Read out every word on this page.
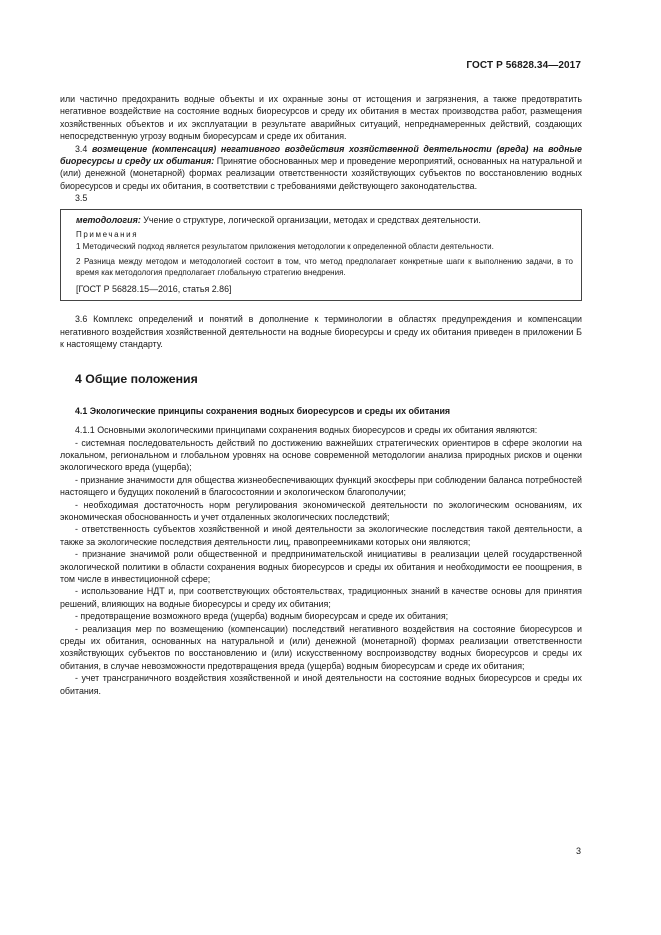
ГОСТ Р 56828.34—2017

или частично предохранить водные объекты и их охранные зоны от истощения и загрязнения, а также предотвратить негативное воздействие на состояние водных биоресурсов и среду их обитания в местах производства работ, размещения хозяйственных объектов и их эксплуатации в результате аварийных ситуаций, непреднамеренных действий, создающих непосредственную угрозу водным биоресурсам и среде их обитания.

3.4 возмещение (компенсация) негативного воздействия хозяйственной деятельности (вреда) на водные биоресурсы и среду их обитания: Принятие обоснованных мер и проведение мероприятий, основанных на натуральной и (или) денежной (монетарной) формах реализации ответственности хозяйствующих субъектов по восстановлению водных биоресурсов и среды их обитания, в соответствии с требованиями действующего законодательства.

3.5

методология: Учение о структуре, логической организации, методах и средствах деятельности.

Примечания

1 Методический подход является результатом приложения методологии к определенной области деятельности.

2 Разница между методом и методологией состоит в том, что метод предполагает конкретные шаги к выполнению задачи, в то время как методология предполагает глобальную стратегию внедрения.

[ГОСТ Р 56828.15—2016, статья 2.86]

3.6 Комплекс определений и понятий в дополнение к терминологии в областях предупреждения и компенсации негативного воздействия хозяйственной деятельности на водные биоресурсы и среду их обитания приведен в приложении Б к настоящему стандарту.

4 Общие положения
4.1 Экологические принципы сохранения водных биоресурсов и среды их обитания

4.1.1 Основными экологическими принципами сохранения водных биоресурсов и среды их обитания являются:

- системная последовательность действий по достижению важнейших стратегических ориентиров в сфере экологии на локальном, региональном и глобальном уровнях на основе современной методологии анализа природных рисков и оценки экологического вреда (ущерба);

- признание значимости для общества жизнеобеспечивающих функций экосферы при соблюдении баланса потребностей настоящего и будущих поколений в благосостоянии и экологическом благополучии;

- необходимая достаточность норм регулирования экономической деятельности по экологическим основаниям, их экономическая обоснованность и учет отдаленных экологических последствий;

- ответственность субъектов хозяйственной и иной деятельности за экологические последствия такой деятельности, а также за экологические последствия деятельности лиц, правопреемниками которых они являются;

- признание значимой роли общественной и предпринимательской инициативы в реализации целей государственной экологической политики в области сохранения водных биоресурсов и среды их обитания и необходимости ее поощрения, в том числе в инвестиционной сфере;

- использование НДТ и, при соответствующих обстоятельствах, традиционных знаний в качестве основы для принятия решений, влияющих на водные биоресурсы и среду их обитания;

- предотвращение возможного вреда (ущерба) водным биоресурсам и среде их обитания;

- реализация мер по возмещению (компенсации) последствий негативного воздействия на состояние биоресурсов и среды их обитания, основанных на натуральной и (или) денежной (монетарной) формах реализации ответственности хозяйствующих субъектов по восстановлению и (или) искусственному воспроизводству водных биоресурсов и среды их обитания, в случае невозможности предотвращения вреда (ущерба) водным биоресурсам и среде их обитания;

- учет трансграничного воздействия хозяйственной и иной деятельности на состояние водных биоресурсов и среды их обитания.

3
